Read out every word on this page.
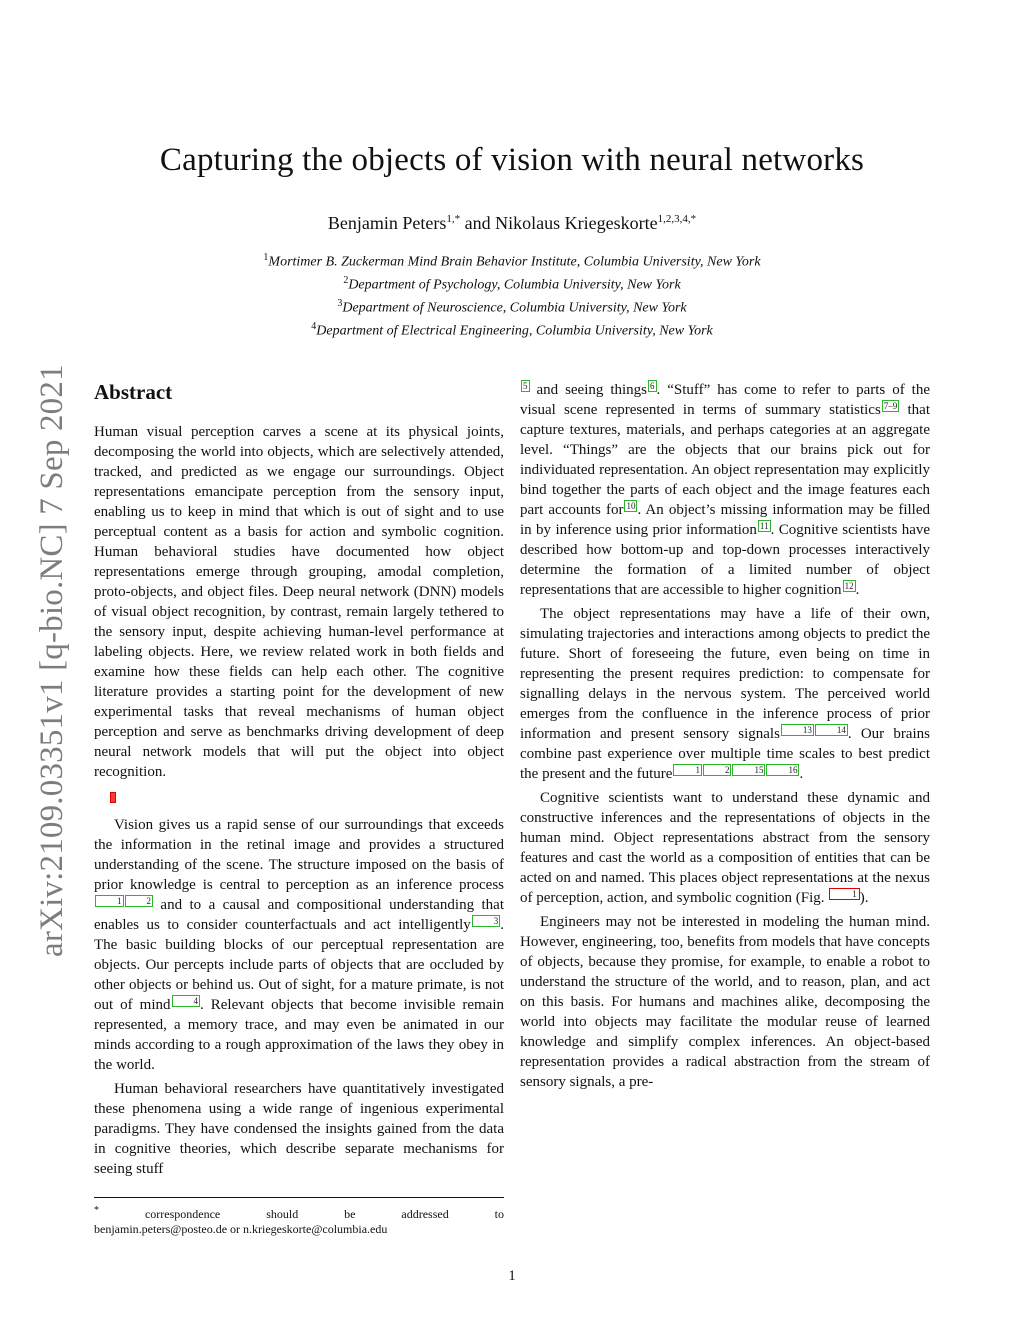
arXiv:2109.03351v1 [q-bio.NC] 7 Sep 2021
Capturing the objects of vision with neural networks
Benjamin Peters$^{1,*}$ and Nikolaus Kriegeskorte$^{1,2,3,4,*}$
$^1$Mortimer B. Zuckerman Mind Brain Behavior Institute, Columbia University, New York
$^2$Department of Psychology, Columbia University, New York
$^3$Department of Neuroscience, Columbia University, New York
$^4$Department of Electrical Engineering, Columbia University, New York
Abstract

Human visual perception carves a scene at its physical joints, decomposing the world into objects, which are selectively attended, tracked, and predicted as we engage our surroundings. Object representations emancipate perception from the sensory input, enabling us to keep in mind that which is out of sight and to use perceptual content as a basis for action and symbolic cognition. Human behavioral studies have documented how object representations emerge through grouping, amodal completion, proto-objects, and object files. Deep neural network (DNN) models of visual object recognition, by contrast, remain largely tethered to the sensory input, despite achieving human-level performance at labeling objects. Here, we review related work in both fields and examine how these fields can help each other. The cognitive literature provides a starting point for the development of new experimental tasks that reveal mechanisms of human object perception and serve as benchmarks driving development of deep neural network models that will put the object into object recognition.

Vision gives us a rapid sense of our surroundings that exceeds the information in the retinal image and provides a structured understanding of the scene. The structure imposed on the basis of prior knowledge is central to perception as an inference process1	2 and to a causal and compositional understanding that enables us to consider counterfactuals and act intelligently	3 . The basic building blocks of our perceptual representation are objects. Our percepts include parts of objects that are occluded by other objects or behind us. Out of sight, for a mature primate, is not out of mind	4 . Relevant objects that become invisible remain represented, a memory trace, and may even be animated in our minds according to a rough approximation of the laws they obey in the world.

Human behavioral researchers have quantitatively investigated these phenomena using a wide range of ingenious experimental paradigms. They have condensed the insights gained from the data in cognitive theories, which describe separate mechanisms for seeing stuff

5 and seeing things 6 . “Stuff” has come to refer to parts of the visual scene represented in terms of summary statistics 7–9 that capture textures, materials, and perhaps categories at an aggregate level. “Things” are the objects that our brains pick out for individuated representation. An object representation may explicitly bind together the parts of each object and the image features each part accounts for 10 . An object’s missing information may be filled in by inference using prior information 11 . Cognitive scientists have described how bottom-up and top-down processes interactively determine the formation of a limited number of object representations that are accessible to higher cognition 12 .

The object representations may have a life of their own, simulating trajectories and interactions among objects to predict the future. Short of foreseeing the future, even being on time in representing the present requires prediction: to compensate for signalling delays in the nervous system. The perceived world emerges from the confluence in the inference process of prior information and present sensory signals	13	14 . Our brains combine past experience over multiple time scales to best predict the present and the future	1	2	15	16 .

Cognitive scientists want to understand these dynamic and constructive inferences and the representations of objects in the human mind. Object representations abstract from the sensory features and cast the world as a composition of entities that can be acted on and named. This places object representations at the nexus of perception, action, and symbolic cognition (Fig.	1 ).

Engineers may not be interested in modeling the human mind. However, engineering, too, benefits from models that have concepts of objects, because they promise, for example, to enable a robot to understand the structure of the world, and to reason, plan, and act on this basis. For humans and machines alike, decomposing the world into objects may facilitate the modular reuse of learned knowledge and simplify complex inferences. An object-based representation provides a radical abstraction from the stream of sensory signals, a pre-

*	correspondence should be addressed to
benjamin.peters@posteo.de or n.kriegeskorte@columbia.edu
1
